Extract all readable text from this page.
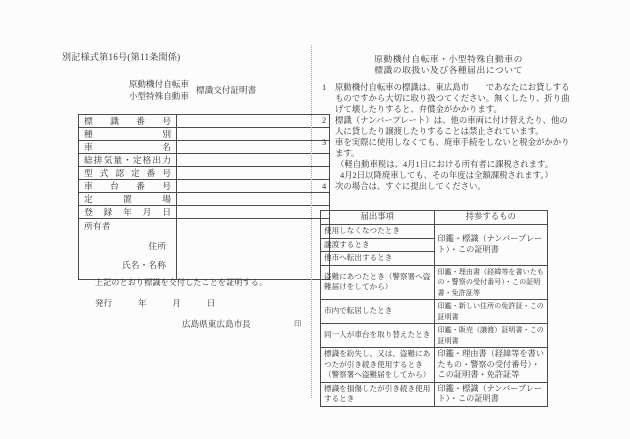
別記様式第16号(第11条関係)
原動機付自転車
小型特殊自動車
標識交付証明書
標 識 番 号	
種 別	
車 名	
総排気量・定格出力	
型 式 認 定 番 号	
車 台 番 号	
定 置 場	
登 録 年 月 日	

所有者
住所
氏名・名称	

上記のとおり標識を交付したことを証明する。
発行　　　年　　　月　　　日
広島県東広島市長	印
原動機付自転車・小型特殊自動車の
標識の取扱い及び各種届出について
1	原動機付自転車の標識は、東広島市　　であなたにお貸しするものですから大切に取り扱つてください。無くしたり、折り曲げて壊したりすると、弁償金がかかります。
2	標識（ナンバープレート）は、他の車両に付け替えたり、他の人に貸したり譲渡したりすることは禁止されています。
3	車を実際に使用しなくても、廃車手続をしないと税金がかかります。
（軽自動車税は、4月1日における所有者に課税されます。
4月2日以降廃車しても、その年度は全額課税されます。）
4	次の場合は、すぐに提出してください。
届出事項	持参するもの
使用しなくなつたとき	印鑑・標識（ナンバープレート）・この証明書
譲渡するとき	
他市へ転出するとき	
盗難にあつたとき（警察署へ盗難届けをしてから）	印鑑・理由書（経緯等を書いたもの・警察の受付番号）・この証明書・免許証等
市内で転居したとき	印鑑・新しい住所の免許証・この証明書
同一人が車台を取り替えたとき	印鑑・販売（譲渡）証明書・この証明書
標識を紛失し、又は、盗難にあつたが引き続き使用するとき（警察署へ盗難届をしてから）	印鑑・理由書（経緯等を書いたもの・警察の受付番号）・この証明書・免許証等
標識を損傷したが引き続き使用するとき	印鑑・標識（ナンバープレート）・この証明書
